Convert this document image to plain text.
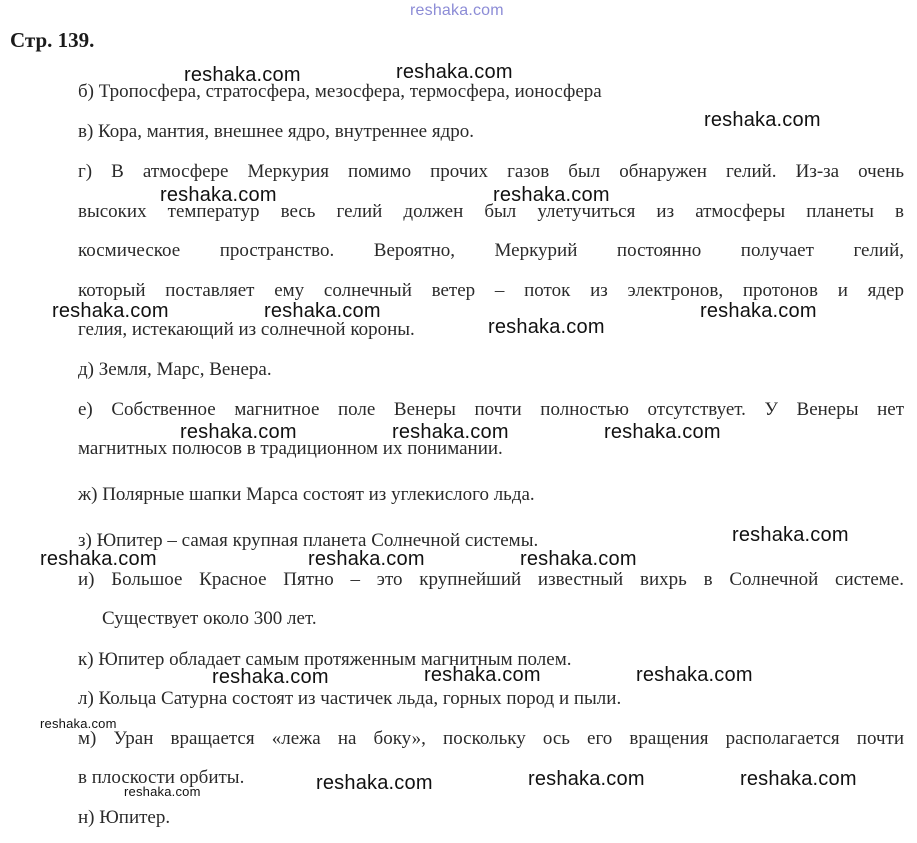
reshaka.com
Стр. 139.
б) Тропосфера, стратосфера, мезосфера, термосфера, ионосфера
в) Кора, мантия, внешнее ядро, внутреннее ядро.
г) В атмосфере Меркурия помимо прочих газов был обнаружен гелий. Из-за очень
высоких температур весь гелий должен был улетучиться из атмосферы планеты в
космическое пространство. Вероятно, Меркурий постоянно получает гелий,
который поставляет ему солнечный ветер – поток из электронов, протонов и ядер
гелия, истекающий из солнечной короны.
д) Земля, Марс, Венера.
е) Собственное магнитное поле Венеры почти полностью отсутствует. У Венеры нет
магнитных полюсов в традиционном их понимании.
ж) Полярные шапки Марса состоят из углекислого льда.
з) Юпитер – самая крупная планета Солнечной системы.
и) Большое Красное Пятно – это крупнейший известный вихрь в Солнечной системе.
Существует около 300 лет.
к) Юпитер обладает самым протяженным магнитным полем.
л) Кольца Сатурна состоят из частичек льда, горных пород и пыли.
м) Уран вращается «лежа на боку», поскольку ось его вращения располагается почти
в плоскости орбиты.
н) Юпитер.
reshaka.com	reshaka.com
reshaka.com
reshaka.com	reshaka.com
reshaka.com	reshaka.com
reshaka.com
reshaka.com
reshaka.com	reshaka.com	reshaka.com
reshaka.com
reshaka.com	reshaka.com	reshaka.com
reshaka.com	reshaka.com	reshaka.com
reshaka.com
reshaka.com	reshaka.com	reshaka.com
reshaka.com
